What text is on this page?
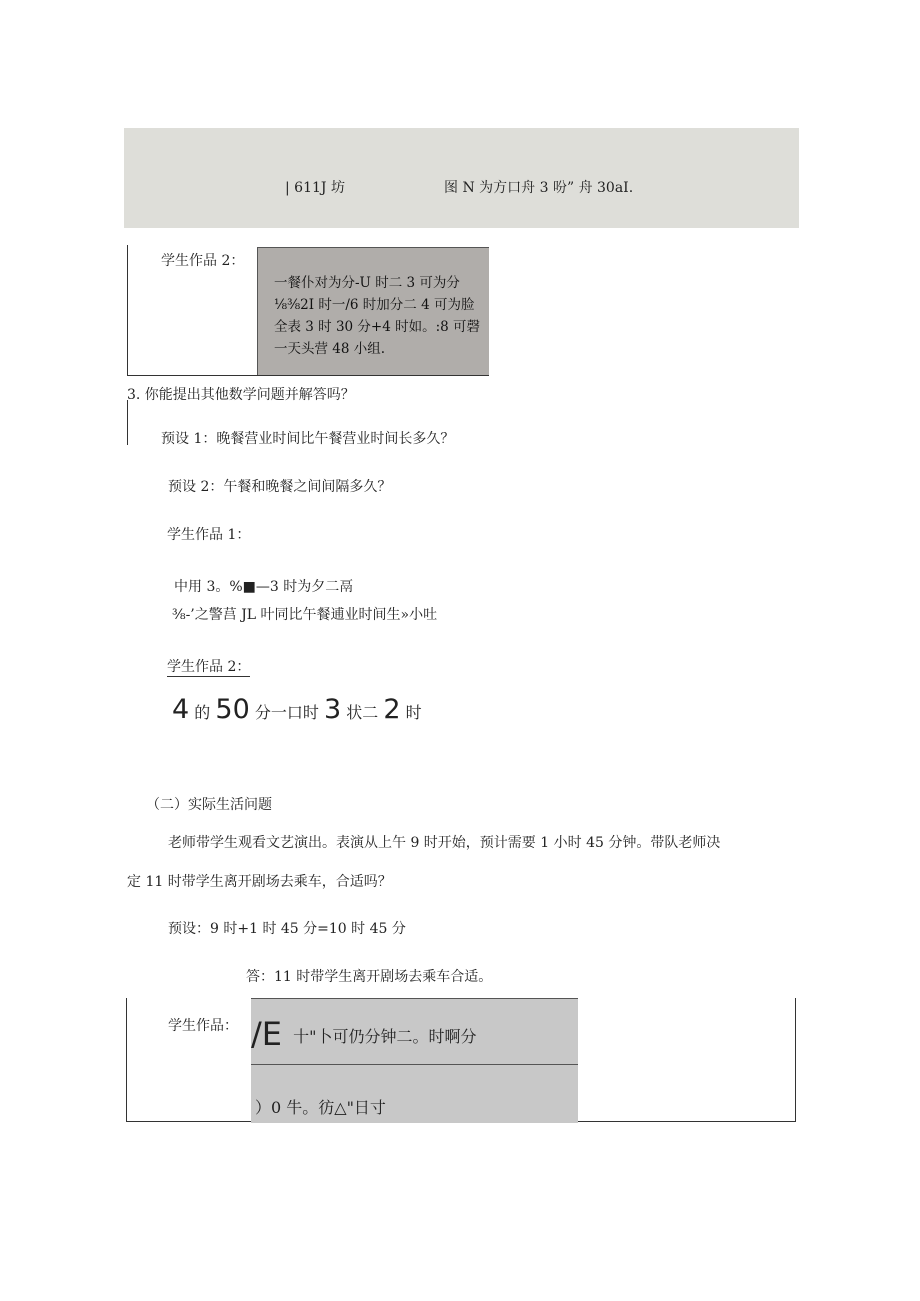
| 611J 坊	图 N 为方口舟 3 吩” 舟 30aI.
学生作品 2：
一餐仆对为分-U 时二 3 可为分
⅛⅜2I 时一/6 时加分二 4 可为脸
全表 3 时 30 分+4 时如。:8 可磬
一天头营 48 小组.
3. 你能提出其他数学问题并解答吗？
预设 1：晚餐营业时间比午餐营业时间长多久？
预设 2：午餐和晚餐之间间隔多久？
学生作品 1：
中用 3。%■—3 时为夕二鬲
⅜-’之警莒 JL 叶同比午餐逋业时间生»小吐
学生作品 2：
4 的 50 分一口时 3 状二 2 时
（二）实际生活问题
老师带学生观看文艺演出。表演从上午 9 时开始，预计需要 1 小时 45 分钟。带队老师决
定 11 时带学生离开剧场去乘车，合适吗？
预设：9 时+1 时 45 分=10 时 45 分
答：11 时带学生离开剧场去乘车合适。
学生作品： /E 十"卜可仍分钟二。时啊分
）0 牛。彷△"日寸
